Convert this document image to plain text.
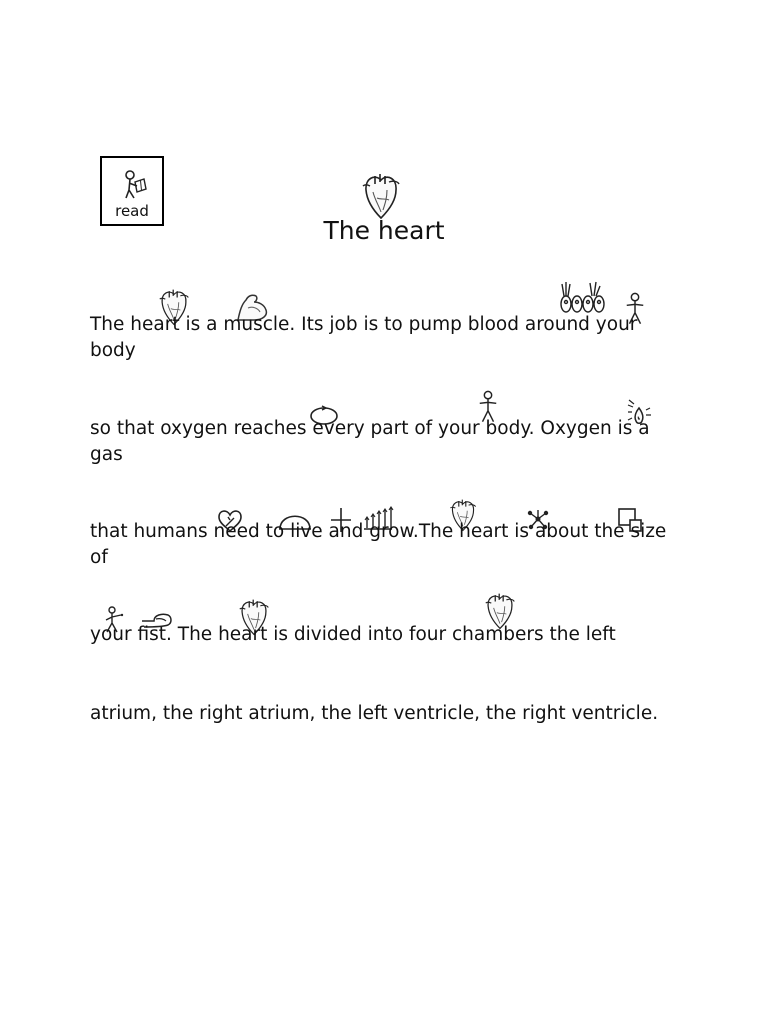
read
The heart

The heart is a muscle. Its job is to pump blood around your body

so that oxygen reaches every part of your body. Oxygen is a gas

that humans need to live and grow.The heart is about the size of

your fist. The heart is divided into four chambers the left

atrium, the right atrium, the left ventricle, the right ventricle.
